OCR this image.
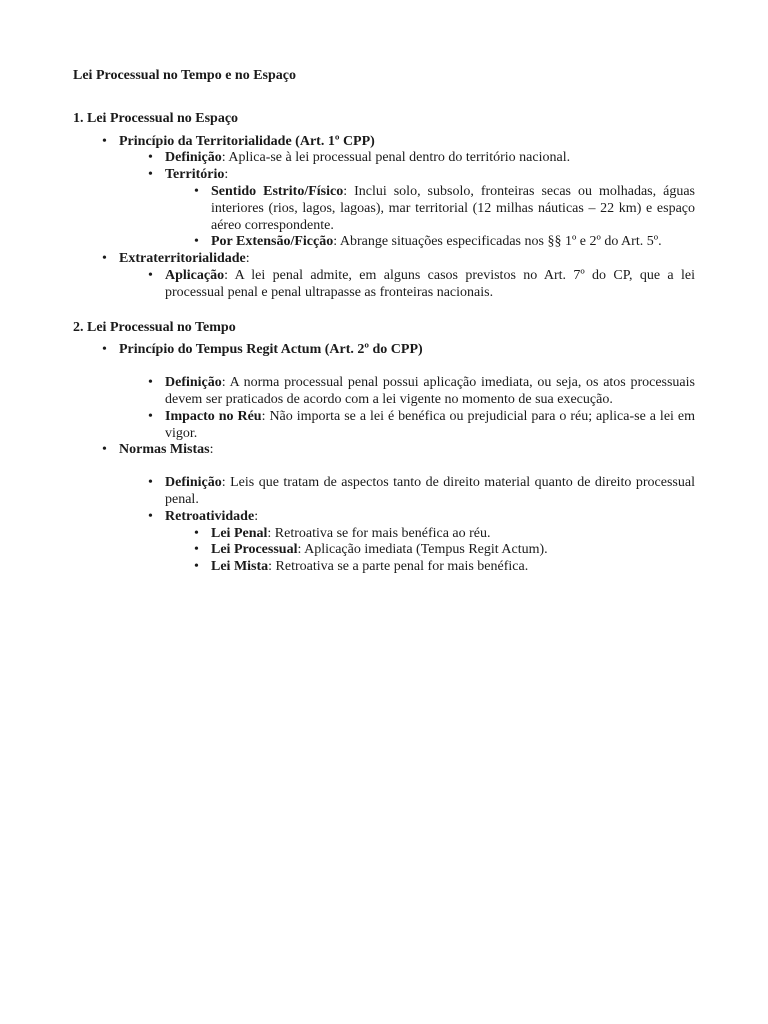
Lei Processual no Tempo e no Espaço

1. Lei Processual no Espaço

• Princípio da Territorialidade (Art. 1º CPP)
• Definição: Aplica-se à lei processual penal dentro do território nacional.
• Território:
• Sentido Estrito/Físico: Inclui solo, subsolo, fronteiras secas ou molhadas, águas interiores (rios, lagos, lagoas), mar territorial (12 milhas náuticas – 22 km) e espaço aéreo correspondente.
• Por Extensão/Ficção: Abrange situações especificadas nos §§ 1º e 2º do Art. 5º.
• Extraterritorialidade:
• Aplicação: A lei penal admite, em alguns casos previstos no Art. 7º do CP, que a lei processual penal e penal ultrapasse as fronteiras nacionais.

2. Lei Processual no Tempo

• Princípio do Tempus Regit Actum (Art. 2º do CPP)
• Definição: A norma processual penal possui aplicação imediata, ou seja, os atos processuais devem ser praticados de acordo com a lei vigente no momento de sua execução.
• Impacto no Réu: Não importa se a lei é benéfica ou prejudicial para o réu; aplica-se a lei em vigor.
• Normas Mistas:
• Definição: Leis que tratam de aspectos tanto de direito material quanto de direito processual penal.
• Retroatividade:
• Lei Penal: Retroativa se for mais benéfica ao réu.
• Lei Processual: Aplicação imediata (Tempus Regit Actum).
• Lei Mista: Retroativa se a parte penal for mais benéfica.
